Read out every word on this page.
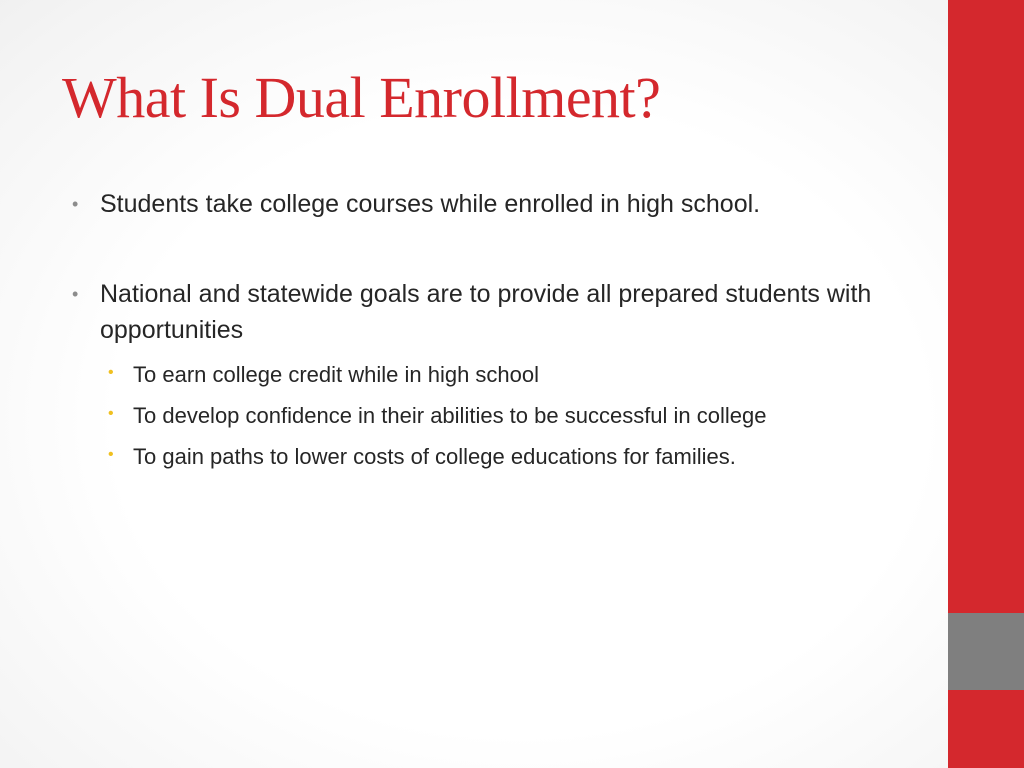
What Is Dual Enrollment?
• Students take college courses while enrolled in high school.
• National and statewide goals are to provide all prepared students with opportunities
• To earn college credit while in high school
• To develop confidence in their abilities to be successful in college
• To gain paths to lower costs of college educations for families.
